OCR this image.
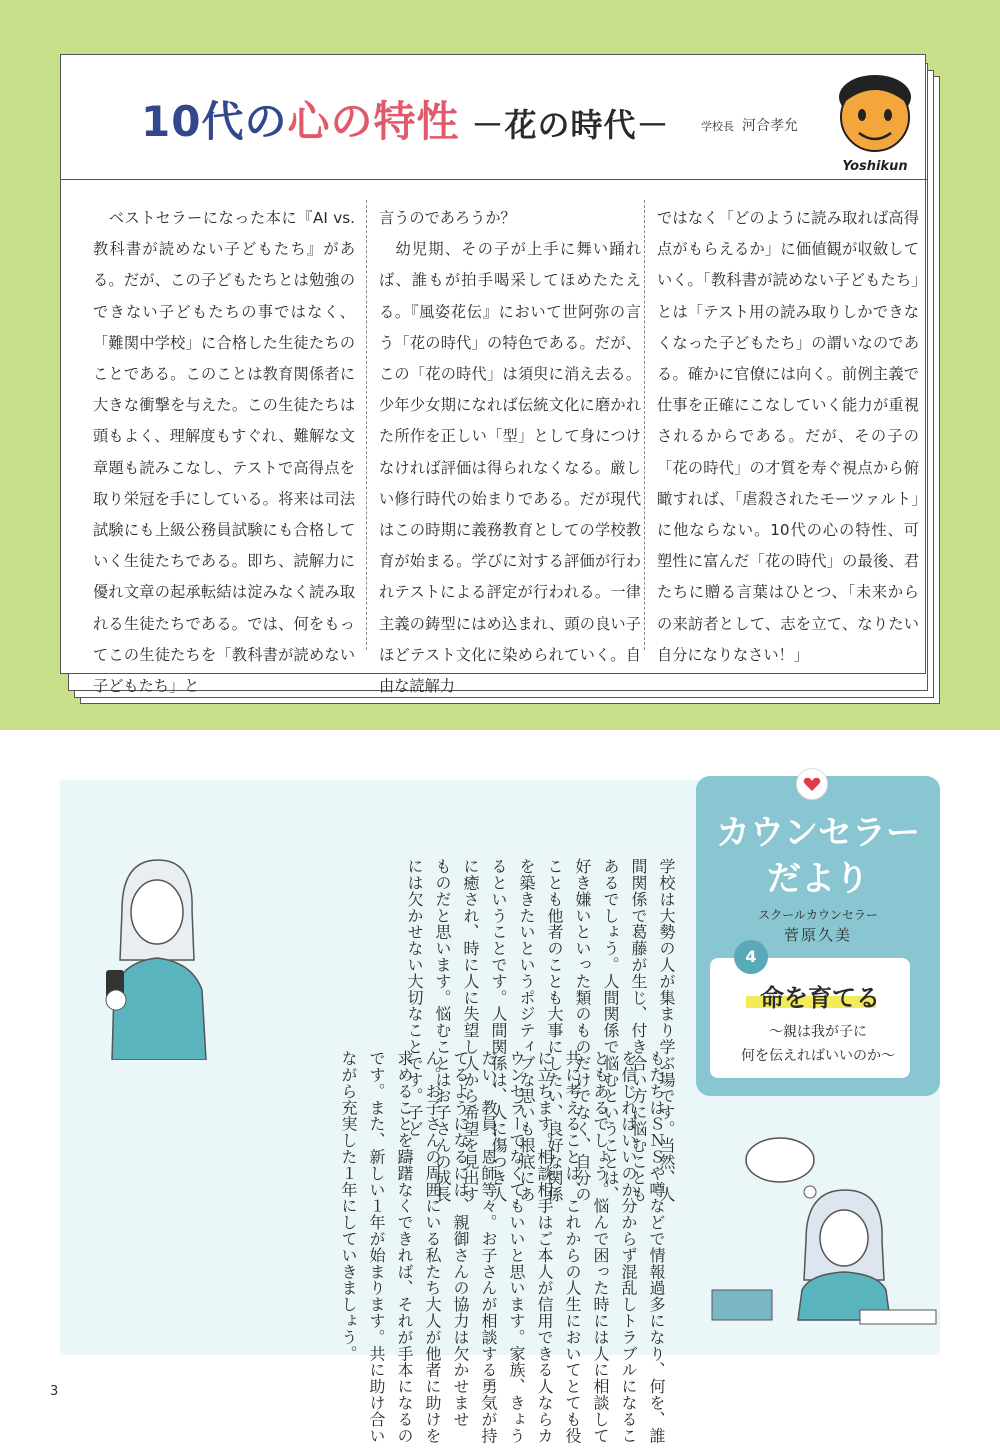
10代の心の特性 －花の時代－	学校長 河合孝允
Yoshikun

　ベストセラーになった本に『AI vs.教科書が読めない子どもたち』がある。だが、この子どもたちとは勉強のできない子どもたちの事ではなく、「難関中学校」に合格した生徒たちのことである。このことは教育関係者に大きな衝撃を与えた。この生徒たちは頭もよく、理解度もすぐれ、難解な文章題も読みこなし、テストで高得点を取り栄冠を手にしている。将来は司法試験にも上級公務員試験にも合格していく生徒たちである。即ち、読解力に優れ文章の起承転結は淀みなく読み取れる生徒たちである。では、何をもってこの生徒たちを「教科書が読めない子どもたち」と

言うのであろうか？
　幼児期、その子が上手に舞い踊れば、誰もが拍手喝采してほめたたえる。『風姿花伝』において世阿弥の言う「花の時代」の特色である。だが、この「花の時代」は須臾に消え去る。少年少女期になれば伝統文化に磨かれた所作を正しい「型」として身につけなければ評価は得られなくなる。厳しい修行時代の始まりである。だが現代はこの時期に義務教育としての学校教育が始まる。学びに対する評価が行われテストによる評定が行われる。一律主義の鋳型にはめ込まれ、頭の良い子ほどテスト文化に染められていく。自由な読解力

ではなく「どのように読み取れば高得点がもらえるか」に価値観が収斂していく。「教科書が読めない子どもたち」とは「テスト用の読み取りしかできなくなった子どもたち」の謂いなのである。確かに官僚には向く。前例主義で仕事を正確にこなしていく能力が重視されるからである。だが、その子の「花の時代」の才質を寿ぐ視点から俯瞰すれば、「虐殺されたモーツァルト」に他ならない。10代の心の特性、可塑性に富んだ「花の時代」の最後、君たちに贈る言葉はひとつ、「未来からの来訪者として、志を立て、なりたい自分になりなさい！」

学校は大勢の人が集まり学ぶ場です。当然、人間関係で葛藤が生じ、付き合い方に悩むこともあるでしょう。人間関係で悩むということは、好き嫌いといった類のものだけでなく、自分のことも他者のことも大事にしたい、良好な関係を築きたいというポジティブな思いも根底にあるということです。人間関係は、人に傷つき人に癒され、時に人に失望し人から希望を見出すものだと思います。悩むことはお子さんの成長には欠かせない大切なことです。子ど
もたちはＳＮＳや噂などで情報過多になり、何を、誰を信じればいいのか分からず混乱しトラブルになることもあるでしょう。悩んで困った時には人に相談して共に考えることは、これからの人生においてとても役に立ちます。相談相手はご本人が信用できる人ならカウンセラーでなくてもいいと思います。家族、きょうだい、教員、恩師等々。お子さんが相談する勇気が持てるようになるには、親御さんの協力は欠かせません。お子さんの周囲にいる私たち大人が他者に助けを求めることを躊躇なくできれば、それが手本になるのです。また、新しい１年が始まります。共に助け合いながら充実した１年にしていきましょう。
カウンセラー
だより
スクールカウンセラー
菅原久美
4
命を育てる
～親は我が子に
何を伝えればいいのか～
3
